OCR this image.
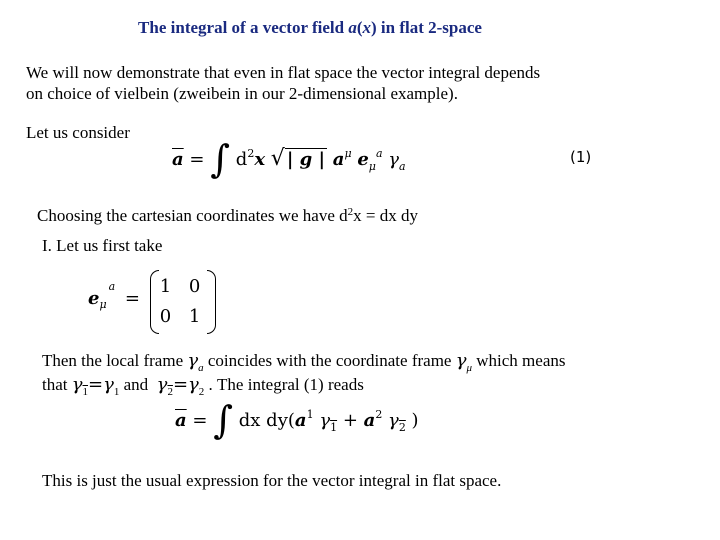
The integral of a vector field a(x) in flat 2-space
We will now demonstrate that even in flat space the vector integral depends
on choice of vielbein (zweibein in our 2-dimensional example).
Let us consider
$\overline{a}$ = ∫ $d^2x$ √ | g | $a^\mu$ $e_\mu^a$ $\gamma_a$
(1)
Choosing the cartesian coordinates we have $d^2x$ = dx dy
I. Let us first take
$e_\mu a$ =
1 0
0 1
Then the local frame $\gamma_a$ coincides with the coordinate frame $\gamma_\mu$ which means
that $\gamma_1=\gamma_1$ and  $\gamma_2=\gamma_2$ . The integral (1) reads
$\overline{a}$ = ∫ dx $dy(a^1$ $\gamma_1 + a^2$ $\gamma_2$ )
This is just the usual expression for the vector integral in flat space.
